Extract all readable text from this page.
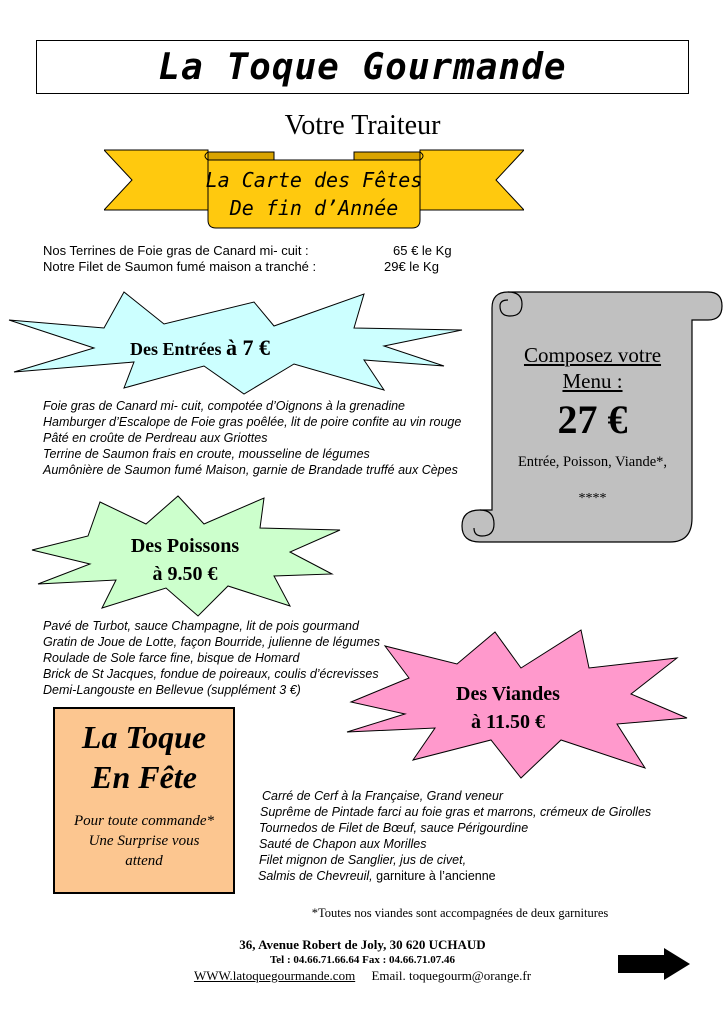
La Toque Gourmande
Votre Traiteur
La Carte des Fêtes
De fin d’Année
Nos Terrines de Foie gras de Canard mi- cuit :	65 € le Kg
Notre Filet de Saumon fumé maison a tranché :	29€ le Kg
Des Entrées à 7 €
Foie gras de Canard mi- cuit, compotée d’Oignons à la grenadine
Hamburger d’Escalope de Foie gras poêlée, lit de poire confite au vin rouge
Pâté en croûte de Perdreau aux Griottes
Terrine de Saumon frais en croute, mousseline de légumes
Aumônière de Saumon fumé Maison, garnie de Brandade truffé aux Cèpes
Composez votre
Menu :
27 €
Entrée, Poisson, Viande*,
****
Des Poissons
à 9.50 €
Pavé de Turbot, sauce Champagne, lit de pois gourmand
Gratin de Joue de Lotte, façon Bourride, julienne de légumes
Roulade de Sole farce fine, bisque de Homard
Brick de St Jacques, fondue de poireaux, coulis d’écrevisses
Demi-Langouste en Bellevue (supplément 3 €)	Des Viandes
à 11.50 €
La Toque
En Fête
Pour toute commande*
Une Surprise vous
attend
Carré de Cerf à la Française, Grand veneur
Suprême de Pintade farci au foie gras et marrons, crémeux de Girolles
Tournedos de Filet de Bœuf, sauce Périgourdine
Sauté de Chapon aux Morilles
Filet mignon de Sanglier, jus de civet,
Salmis de Chevreuil, garniture à l’ancienne
*Toutes nos viandes sont accompagnées de deux garnitures
36, Avenue Robert de Joly, 30 620 UCHAUD
Tel : 04.66.71.66.64 Fax : 04.66.71.07.46
WWW.latoquegourmande.com Email. toquegourm@orange.fr
